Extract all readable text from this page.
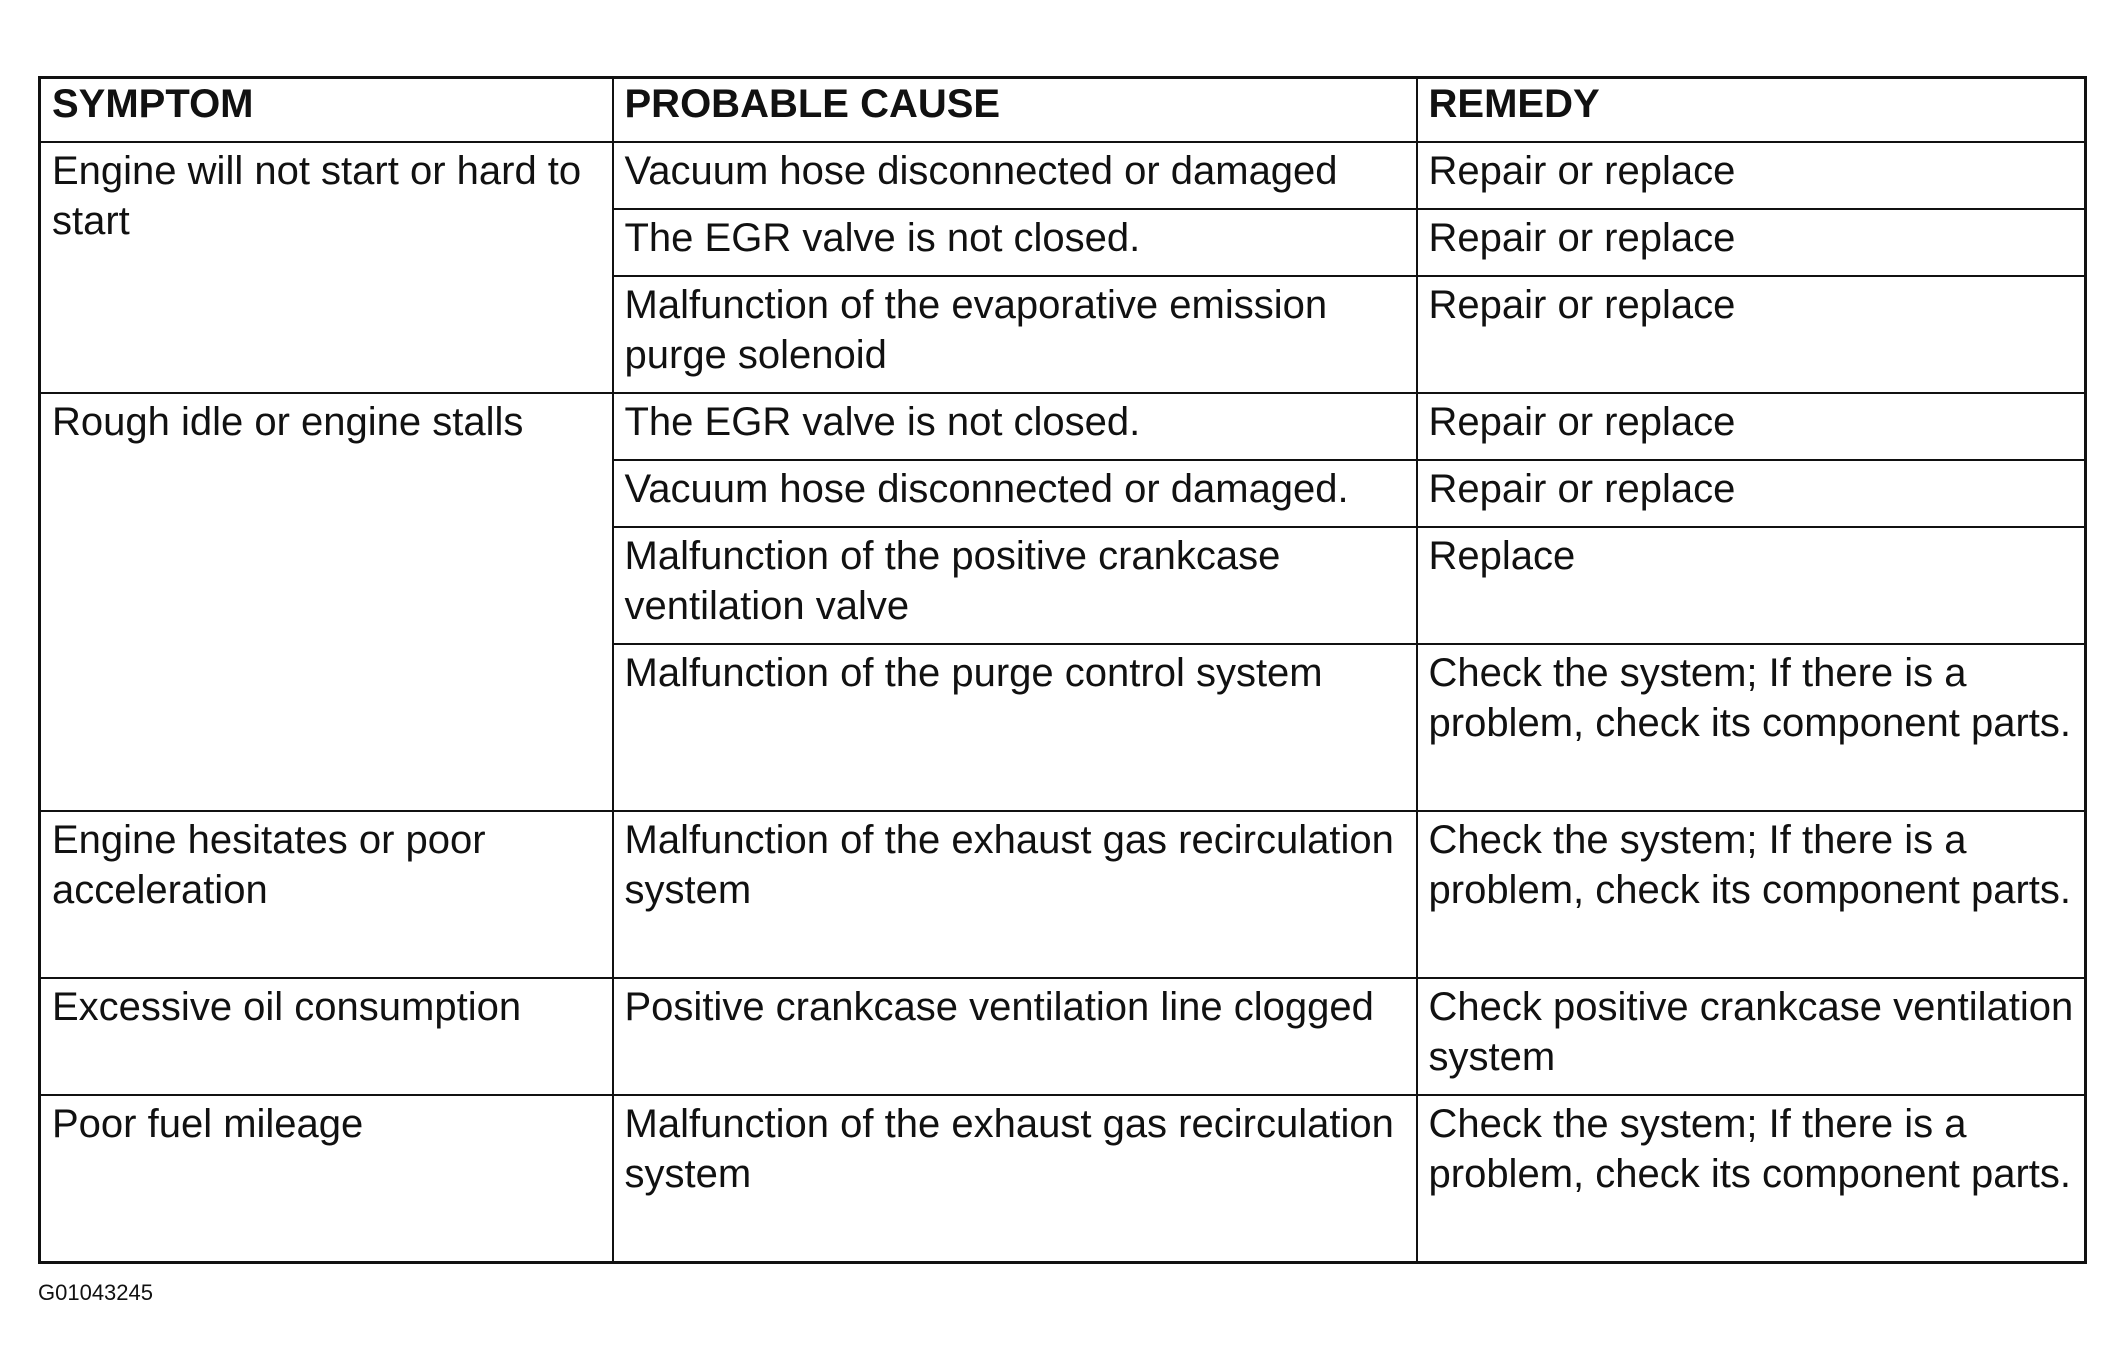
SYMPTOM	PROBABLE CAUSE	REMEDY
Engine will not start or hard to start	Vacuum hose disconnected or damaged	Repair or replace
	The EGR valve is not closed.	Repair or replace
	Malfunction of the evaporative emission purge solenoid	Repair or replace
Rough idle or engine stalls	The EGR valve is not closed.	Repair or replace
	Vacuum hose disconnected or damaged.	Repair or replace
	Malfunction of the positive crankcase ventilation valve	Replace
	Malfunction of the purge control system	Check the system; If there is a problem, check its component parts.
Engine hesitates or poor acceleration	Malfunction of the exhaust gas recirculation system	Check the system; If there is a problem, check its component parts.
Excessive oil consumption	Positive crankcase ventilation line clogged	Check positive crankcase ventilation system
Poor fuel mileage	Malfunction of the exhaust gas recirculation system	Check the system; If there is a problem, check its component parts.
G01043245
